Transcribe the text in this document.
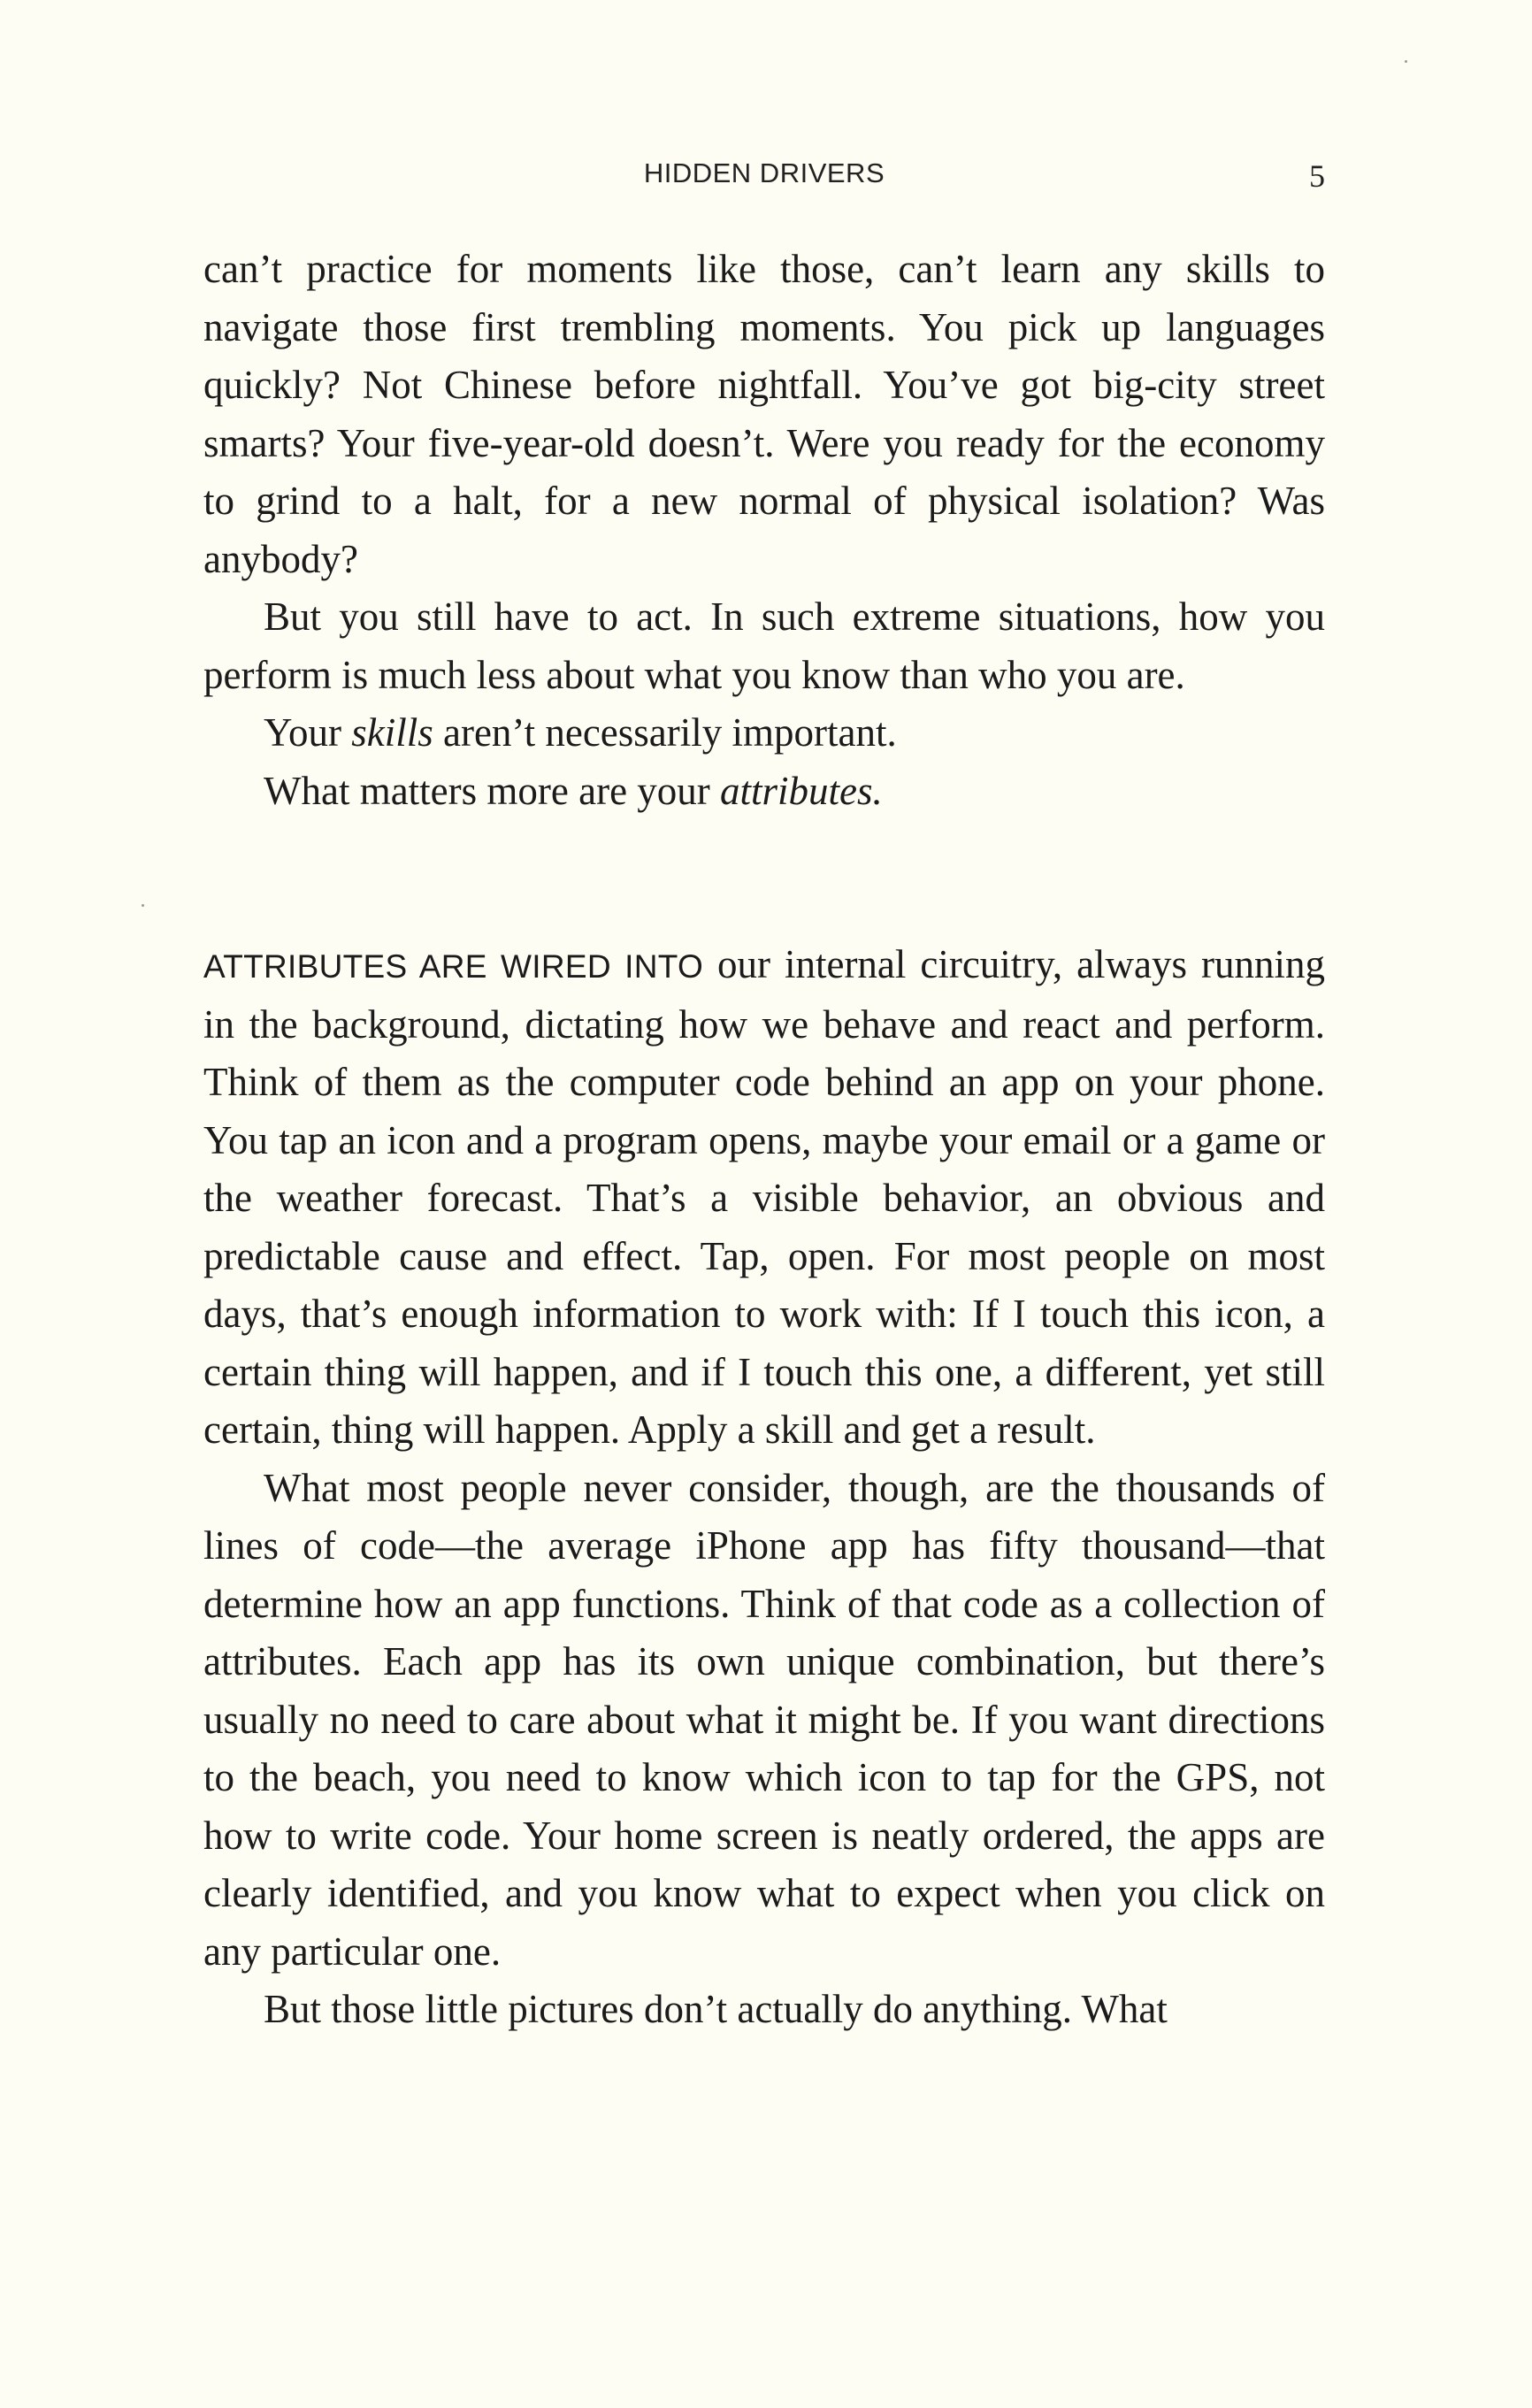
HIDDEN DRIVERS	5

can’t practice for moments like those, can’t learn any skills to navigate those first trembling moments. You pick up languages quickly? Not Chinese before nightfall. You’ve got big-city street smarts? Your five-year-old doesn’t. Were you ready for the economy to grind to a halt, for a new normal of physical isolation? Was anybody?

But you still have to act. In such extreme situations, how you perform is much less about what you know than who you are.

Your skills aren’t necessarily important.

What matters more are your attributes.

ATTRIBUTES ARE WIRED INTO our internal circuitry, always running in the background, dictating how we behave and react and perform. Think of them as the computer code behind an app on your phone. You tap an icon and a program opens, maybe your email or a game or the weather forecast. That’s a visible behavior, an obvious and predictable cause and effect. Tap, open. For most people on most days, that’s enough information to work with: If I touch this icon, a certain thing will happen, and if I touch this one, a different, yet still certain, thing will happen. Apply a skill and get a result.

What most people never consider, though, are the thousands of lines of code—the average iPhone app has fifty thousand—that determine how an app functions. Think of that code as a collection of attributes. Each app has its own unique combination, but there’s usually no need to care about what it might be. If you want directions to the beach, you need to know which icon to tap for the GPS, not how to write code. Your home screen is neatly ordered, the apps are clearly identified, and you know what to expect when you click on any particular one.

But those little pictures don’t actually do anything. What
